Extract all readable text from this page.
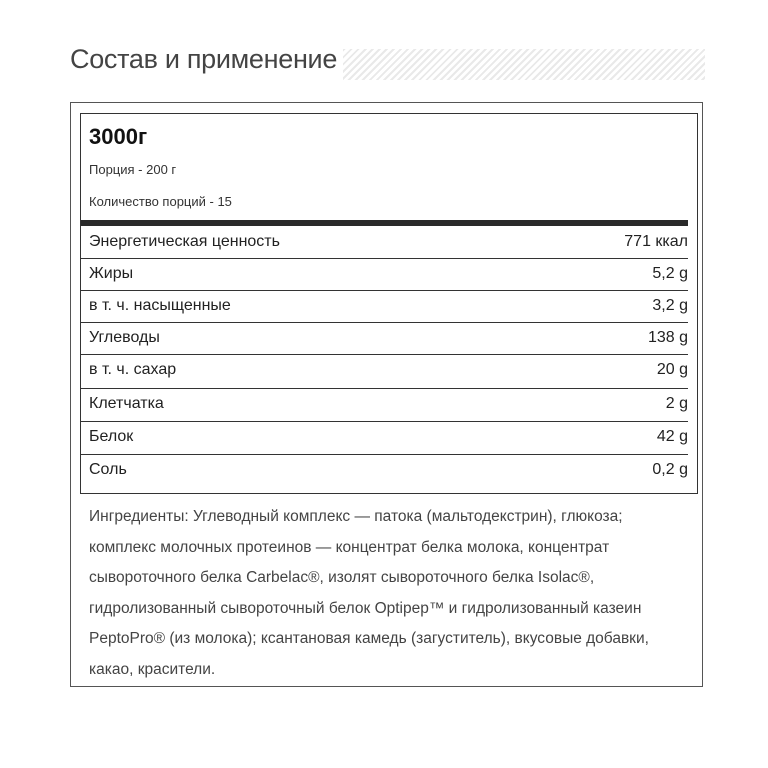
Состав и применение
3000г
Порция - 200 г
Количество порций - 15
Энергетическая ценность	771 ккал
Жиры	5,2 g
в т. ч. насыщенные	3,2 g
Углеводы	138 g
в т. ч. сахар	20 g
Клетчатка	2 g
Белок	42 g
Соль	0,2 g
Ингредиенты: Углеводный комплекс — патока (мальтодекстрин), глюкоза;
комплекс молочных протеинов — концентрат белка молока, концентрат
сывороточного белка Carbelac®, изолят сывороточного белка Isolac®,
гидролизованный сывороточный белок Optipep™ и гидролизованный казеин
PeptoPro® (из молока); ксантановая камедь (загуститель), вкусовые добавки,
какао, красители.
